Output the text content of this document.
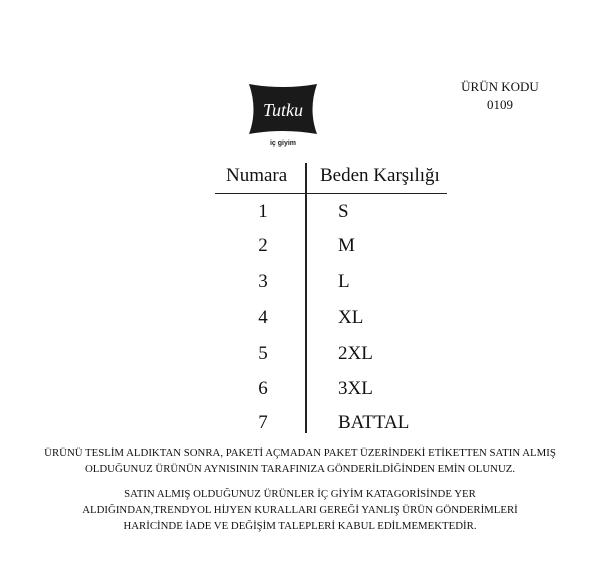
Tutku
iç giyim
ÜRÜN KODU
0109
Numara Beden Karşılığı
1	S
2	M
3	L
4	XL
5	2XL
6	3XL
7	BATTAL
ÜRÜNÜ TESLİM ALDIKTAN SONRA, PAKETİ AÇMADAN PAKET ÜZERİNDEKİ ETİKETTEN SATIN ALMIŞ OLDUĞUNUZ ÜRÜNÜN AYNISININ TARAFINIZA GÖNDERİLDİĞİNDEN EMİN OLUNUZ.
SATIN ALMIŞ OLDUĞUNUZ ÜRÜNLER İÇ GİYİM KATAGORİSİNDE YER ALDIĞINDAN,TRENDYOL HİJYEN KURALLARI GEREĞİ YANLIŞ ÜRÜN GÖNDERİMLERİ HARİCİNDE İADE VE DEĞİŞİM TALEPLERİ KABUL EDİLMEMEKTEDİR.
